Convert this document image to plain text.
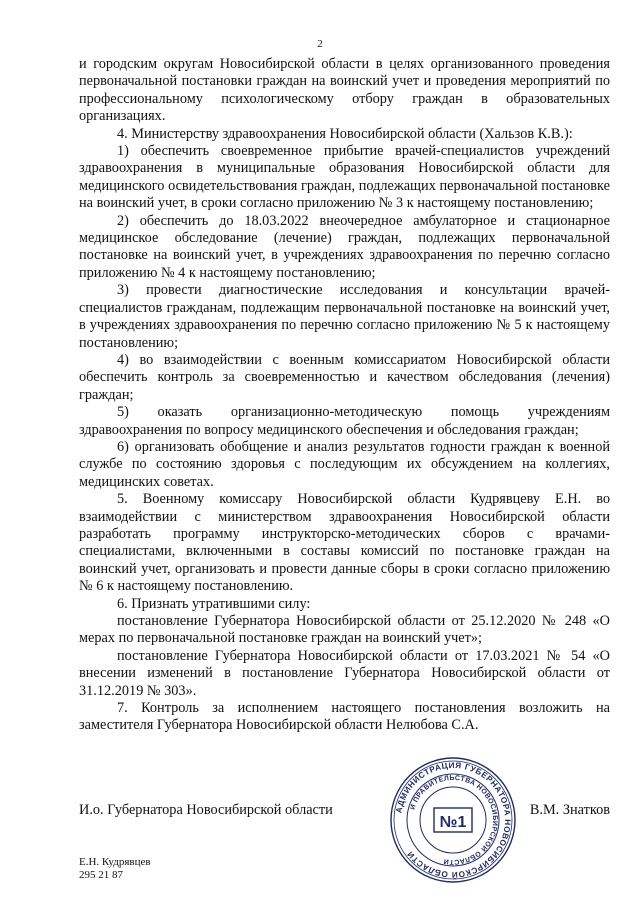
2

и городским округам Новосибирской области в целях организованного проведения первоначальной постановки граждан на воинский учет и проведения мероприятий по профессиональному психологическому отбору граждан в образовательных организациях.

4. Министерству здравоохранения Новосибирской области (Хальзов К.В.):

1) обеспечить своевременное прибытие врачей-специалистов учреждений здравоохранения в муниципальные образования Новосибирской области для медицинского освидетельствования граждан, подлежащих первоначальной постановке на воинский учет, в сроки согласно приложению № 3 к настоящему постановлению;

2) обеспечить до 18.03.2022 внеочередное амбулаторное и стационарное медицинское обследование (лечение) граждан, подлежащих первоначальной постановке на воинский учет, в учреждениях здравоохранения по перечню согласно приложению № 4 к настоящему постановлению;

3) провести диагностические исследования и консультации врачей-специалистов гражданам, подлежащим первоначальной постановке на воинский учет, в учреждениях здравоохранения по перечню согласно приложению № 5 к настоящему постановлению;

4) во взаимодействии с военным комиссариатом Новосибирской области обеспечить контроль за своевременностью и качеством обследования (лечения) граждан;

5) оказать организационно-методическую помощь учреждениям здравоохранения по вопросу медицинского обеспечения и обследования граждан;

6) организовать обобщение и анализ результатов годности граждан к военной службе по состоянию здоровья с последующим их обсуждением на коллегиях, медицинских советах.

5. Военному комиссару Новосибирской области Кудрявцеву Е.Н. во взаимодействии с министерством здравоохранения Новосибирской области разработать программу инструкторско-методических сборов с врачами-специалистами, включенными в составы комиссий по постановке граждан на воинский учет, организовать и провести данные сборы в сроки согласно приложению № 6 к настоящему постановлению.

6. Признать утратившими силу:

постановление Губернатора Новосибирской области от 25.12.2020 № 248 «О мерах по первоначальной постановке граждан на воинский учет»;

постановление Губернатора Новосибирской области от 17.03.2021 № 54 «О внесении изменений в постановление Губернатора Новосибирской области от 31.12.2019 № 303».

7. Контроль за исполнением настоящего постановления возложить на заместителя Губернатора Новосибирской области Нелюбова С.А.

И.о. Губернатора Новосибирской области	В.М. Знатков
АДМИНИСТРАЦИЯ ГУБЕРНАТОРА НОВОСИБИРСКОЙ ОБЛАСТИ
И ПРАВИТЕЛЬСТВА НОВОСИБИРСКОЙ ОБЛАСТИ
№1
Е.Н. Кудрявцев
295 21 87
